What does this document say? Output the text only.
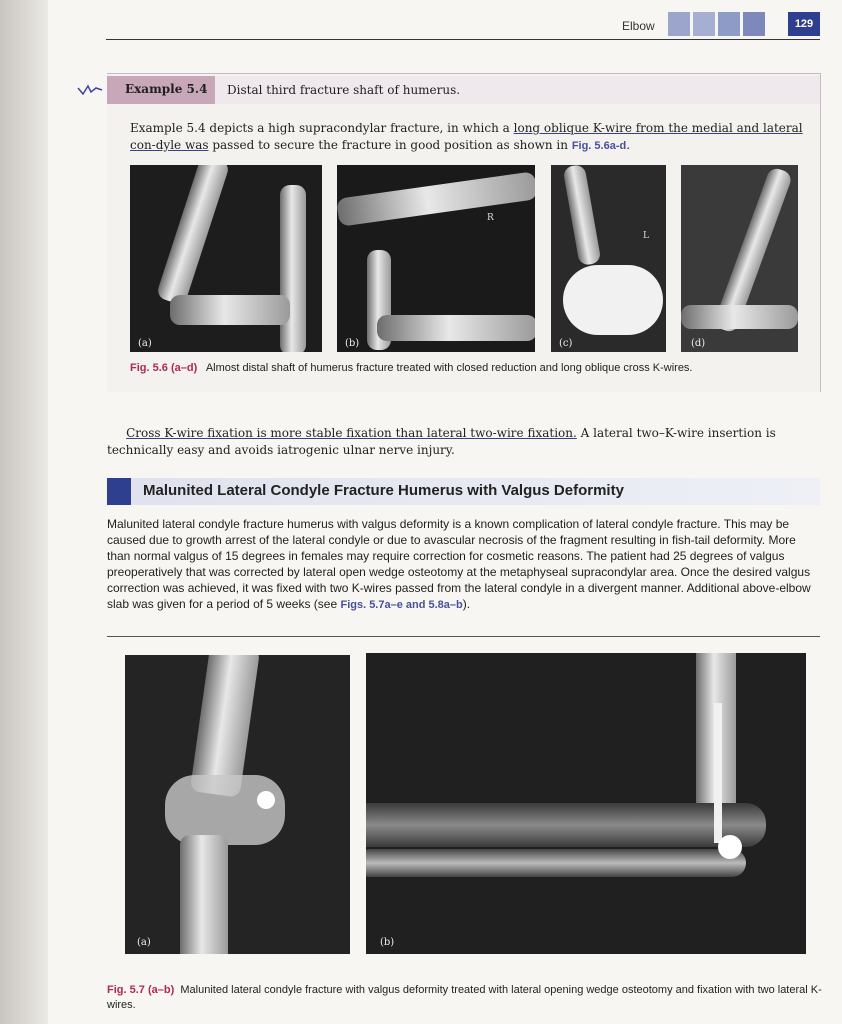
Elbow	129
Example 5.4 Distal third fracture shaft of humerus.
Example 5.4 depicts a high supracondylar fracture, in which a long oblique K-wire from the medial and lateral con-dyle was passed to secure the fracture in good position as shown in Fig. 5.6a-d.
(a)
R
(b)
L
(c)	(d)
Fig. 5.6 (a–d) Almost distal shaft of humerus fracture treated with closed reduction and long oblique cross K-wires.
Cross K-wire fixation is more stable fixation than lateral two-wire fixation. A lateral two–K-wire insertion is technically easy and avoids iatrogenic ulnar nerve injury.
Malunited Lateral Condyle Fracture Humerus with Valgus Deformity
Malunited lateral condyle fracture humerus with valgus deformity is a known complication of lateral condyle fracture. This may be caused due to growth arrest of the lateral condyle or due to avascular necrosis of the fragment resulting in fish-tail deformity. More than normal valgus of 15 degrees in females may require correction for cosmetic reasons. The patient had 25 degrees of valgus preoperatively that was corrected by lateral open wedge osteotomy at the metaphyseal supracondylar area. Once the desired valgus correction was achieved, it was fixed with two K-wires passed from the lateral condyle in a divergent manner. Additional above-elbow slab was given for a period of 5 weeks (see Figs. 5.7a–e and 5.8a–b).
(a)	(b)
Fig. 5.7 (a–b) Malunited lateral condyle fracture with valgus deformity treated with lateral opening wedge osteotomy and fixation with two lateral K-wires.
